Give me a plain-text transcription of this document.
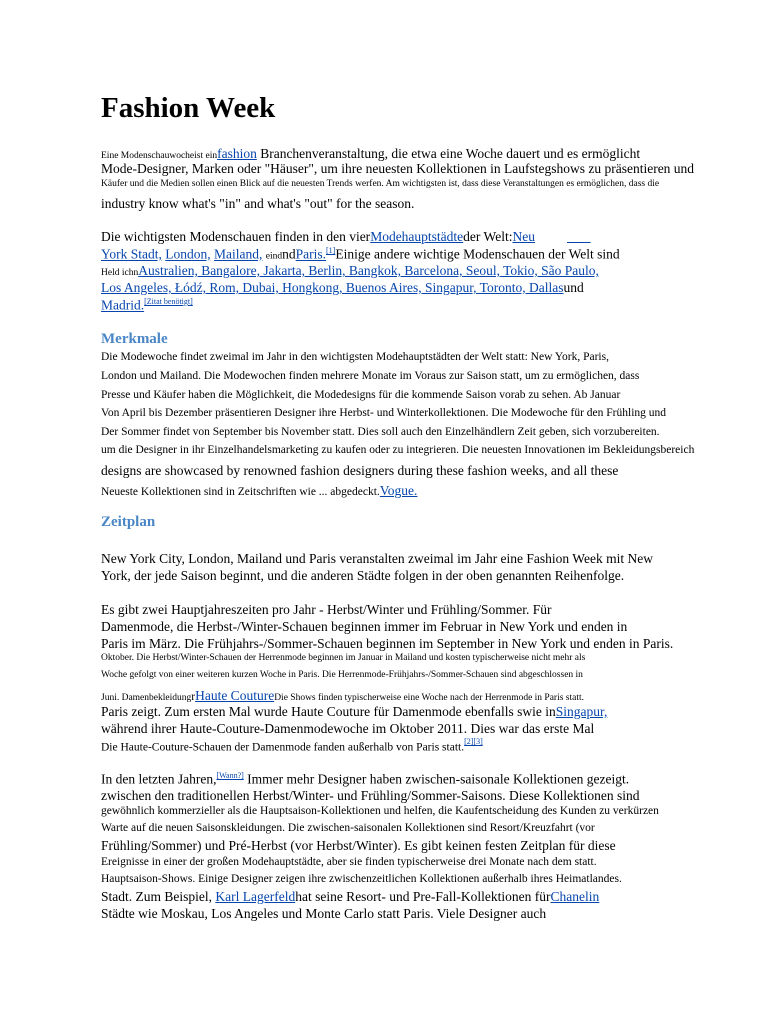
Fashion Week
Eine Modenschauwocheist einfashion Branchenveranstaltung, die etwa eine Woche dauert und es ermöglicht
Mode-Designer, Marken oder "Häuser", um ihre neuesten Kollektionen in Laufstegshows zu präsentieren und
Käufer und die Medien sollen einen Blick auf die neuesten Trends werfen. Am wichtigsten ist, dass diese Veranstaltungen es ermöglichen, dass die
industry know what's "in" and what's "out" for the season.
Die wichtigsten Modenschauen finden in den vierModehauptstädteder Welt:Neu
York Stadt, London, Mailand, eindndParis.[1]Einige andere wichtige Modenschauen der Welt sind
Held ichnAustralien, Bangalore, Jakarta, Berlin, Bangkok, Barcelona, Seoul, Tokio, São Paulo,
Los Angeles, Łódź, Rom, Dubai, Hongkong, Buenos Aires, Singapur, Toronto, Dallasund
Madrid.[Zitat benötigt]
Merkmale
Die Modewoche findet zweimal im Jahr in den wichtigsten Modehauptstädten der Welt statt: New York, Paris,
London und Mailand. Die Modewochen finden mehrere Monate im Voraus zur Saison statt, um zu ermöglichen, dass
Presse und Käufer haben die Möglichkeit, die Modedesigns für die kommende Saison vorab zu sehen. Ab Januar
Von April bis Dezember präsentieren Designer ihre Herbst- und Winterkollektionen. Die Modewoche für den Frühling und
Der Sommer findet von September bis November statt. Dies soll auch den Einzelhändlern Zeit geben, sich vorzubereiten.
um die Designer in ihr Einzelhandelsmarketing zu kaufen oder zu integrieren. Die neuesten Innovationen im Bekleidungsbereich
designs are showcased by renowned fashion designers during these fashion weeks, and all these
Neueste Kollektionen sind in Zeitschriften wie ... abgedeckt.Vogue.
Zeitplan
New York City, London, Mailand und Paris veranstalten zweimal im Jahr eine Fashion Week mit New
York, der jede Saison beginnt, und die anderen Städte folgen in der oben genannten Reihenfolge.
Es gibt zwei Hauptjahreszeiten pro Jahr - Herbst/Winter und Frühling/Sommer. Für
Damenmode, die Herbst-/Winter-Schauen beginnen immer im Februar in New York und enden in
Paris im März. Die Frühjahrs-/Sommer-Schauen beginnen im September in New York und enden in Paris.
Oktober. Die Herbst/Winter-Schauen der Herrenmode beginnen im Januar in Mailand und kosten typischerweise nicht mehr als
Woche gefolgt von einer weiteren kurzen Woche in Paris. Die Herrenmode-Frühjahrs-/Sommer-Schauen sind abgeschlossen in
Juni. DamenbekleidungrHaute CoutureDie Shows finden typischerweise eine Woche nach der Herrenmode in Paris statt.
Paris zeigt. Zum ersten Mal wurde Haute Couture für Damenmode ebenfalls swie inSingapur,
während ihrer Haute-Couture-Damenmodewoche im Oktober 2011. Dies war das erste Mal
Die Haute-Couture-Schauen der Damenmode fanden außerhalb von Paris statt.[2][3]
In den letzten Jahren,[Wann?] Immer mehr Designer haben zwischen-saisonale Kollektionen gezeigt.
zwischen den traditionellen Herbst/Winter- und Frühling/Sommer-Saisons. Diese Kollektionen sind
gewöhnlich kommerzieller als die Hauptsaison-Kollektionen und helfen, die Kaufentscheidung des Kunden zu verkürzen
Warte auf die neuen Saisonskleidungen. Die zwischen-saisonalen Kollektionen sind Resort/Kreuzfahrt (vor
Frühling/Sommer) und Pré-Herbst (vor Herbst/Winter). Es gibt keinen festen Zeitplan für diese
Ereignisse in einer der großen Modehauptstädte, aber sie finden typischerweise drei Monate nach dem statt.
Hauptsaison-Shows. Einige Designer zeigen ihre zwischenzeitlichen Kollektionen außerhalb ihres Heimatlandes.
Stadt. Zum Beispiel, Karl Lagerfeldhat seine Resort- und Pre-Fall-Kollektionen fürChanelin
Städte wie Moskau, Los Angeles und Monte Carlo statt Paris. Viele Designer auch
